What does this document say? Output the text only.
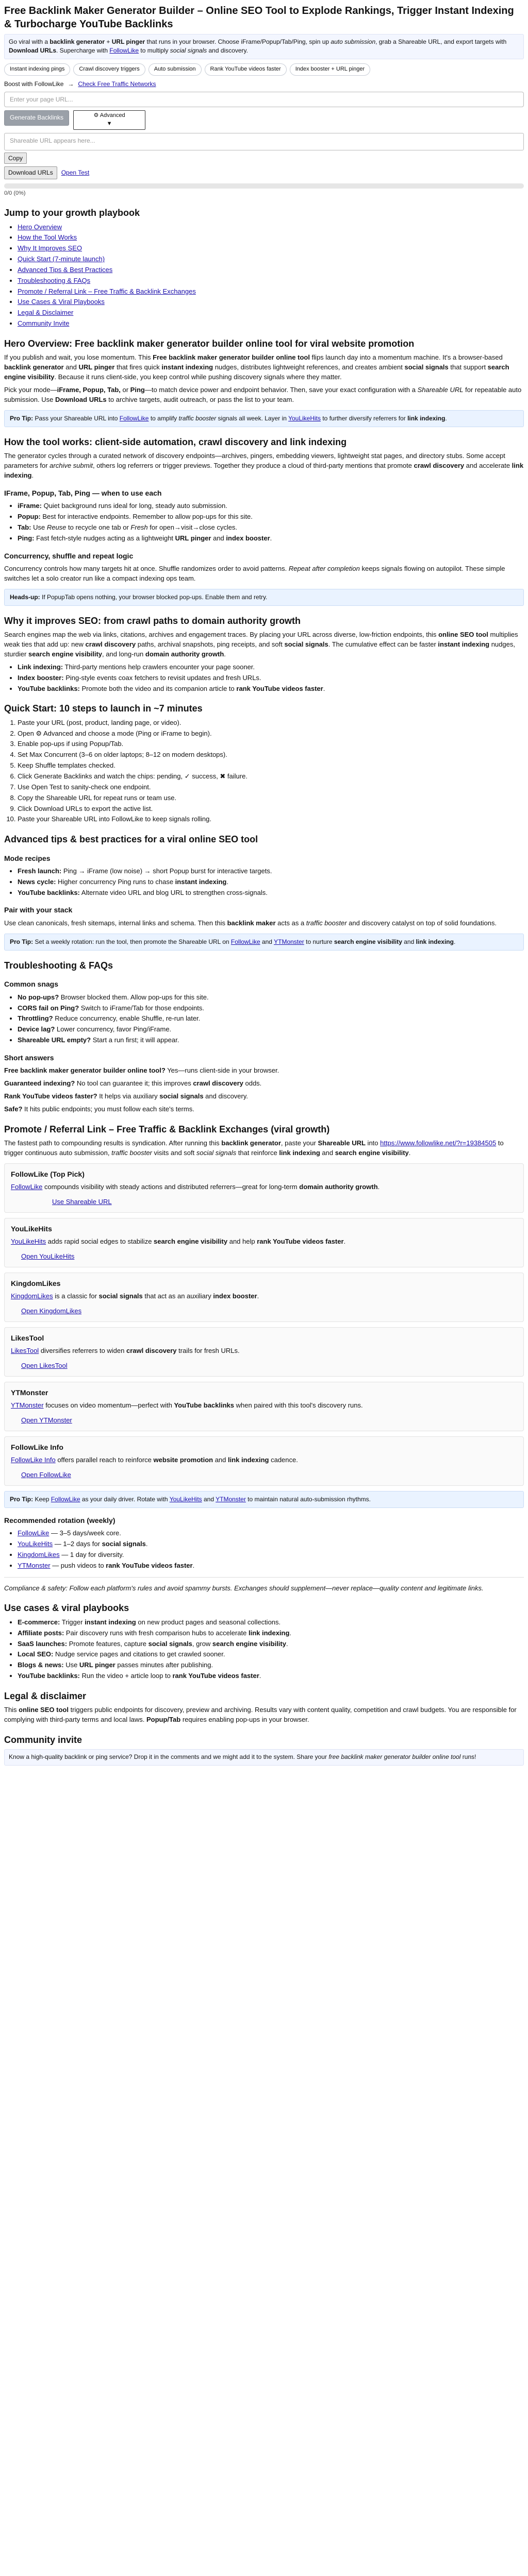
Free Backlink Maker Generator Builder – Online SEO Tool to Explode Rankings, Trigger Instant Indexing & Turbocharge YouTube Backlinks
Go viral with a backlink generator + URL pinger that runs in your browser. Choose iFrame/Popup/Tab/Ping, spin up auto submission, grab a Shareable URL, and export targets with Download URLs. Supercharge with FollowLike to multiply social signals and discovery.
Instant indexing pings	Crawl discovery triggers	Auto submission	Rank YouTube videos faster	Index booster + URL pinger
Boost with FollowLike → Check Free Traffic Networks
Enter your page URL...
Generate Backlinks	⚙ Advanced
▼
Shareable URL appears here...
Copy
Download URLs	Open Test
0/0 (0%)
Jump to your growth playbook
• Hero Overview
• How the Tool Works
• Why It Improves SEO
• Quick Start (7-minute launch)
• Advanced Tips & Best Practices
• Troubleshooting & FAQs
• Promote / Referral Link – Free Traffic & Backlink Exchanges
• Use Cases & Viral Playbooks
• Legal & Disclaimer
• Community Invite
Hero Overview: Free backlink maker generator builder online tool for viral website promotion

If you publish and wait, you lose momentum. This Free backlink maker generator builder online tool flips launch day into a momentum machine. It's a browser-based backlink generator and URL pinger that fires quick instant indexing nudges, distributes lightweight references, and creates ambient social signals that support search engine visibility. Because it runs client-side, you keep control while pushing discovery signals where they matter.

Pick your mode—iFrame, Popup, Tab, or Ping—to match device power and endpoint behavior. Then, save your exact configuration with a Shareable URL for repeatable auto submission. Use Download URLs to archive targets, audit outreach, or pass the list to your team.

Pro Tip: Pass your Shareable URL into FollowLike to amplify traffic booster signals all week. Layer in YouLikeHits to further diversify referrers for link indexing.
How the tool works: client-side automation, crawl discovery and link indexing

The generator cycles through a curated network of discovery endpoints—archives, pingers, embedding viewers, lightweight stat pages, and directory stubs. Some accept parameters for archive submit, others log referrers or trigger previews. Together they produce a cloud of third-party mentions that promote crawl discovery and accelerate link indexing.

IFrame, Popup, Tab, Ping — when to use each
• iFrame: Quiet background runs ideal for long, steady auto submission.
• Popup: Best for interactive endpoints. Remember to allow pop-ups for this site.
• Tab: Use Reuse to recycle one tab or Fresh for open→visit→close cycles.
• Ping: Fast fetch-style nudges acting as a lightweight URL pinger and index booster.
Concurrency, shuffle and repeat logic

Concurrency controls how many targets hit at once. Shuffle randomizes order to avoid patterns. Repeat after completion keeps signals flowing on autopilot. These simple switches let a solo creator run like a compact indexing ops team.

Heads-up: If PopupTab opens nothing, your browser blocked pop-ups. Enable them and retry.
Why it improves SEO: from crawl paths to domain authority growth

Search engines map the web via links, citations, archives and engagement traces. By placing your URL across diverse, low-friction endpoints, this online SEO tool multiplies weak ties that add up: new crawl discovery paths, archival snapshots, ping receipts, and soft social signals. The cumulative effect can be faster instant indexing nudges, sturdier search engine visibility, and long-run domain authority growth.

• Link indexing: Third-party mentions help crawlers encounter your page sooner.
• Index booster: Ping-style events coax fetchers to revisit updates and fresh URLs.
• YouTube backlinks: Promote both the video and its companion article to rank YouTube videos faster.
Quick Start: 10 steps to launch in ~7 minutes
1. Paste your URL (post, product, landing page, or video).
2. Open ⚙ Advanced and choose a mode (Ping or iFrame to begin).
3. Enable pop-ups if using Popup/Tab.
4. Set Max Concurrent (3–6 on older laptops; 8–12 on modern desktops).
5. Keep Shuffle templates checked.
6. Click Generate Backlinks and watch the chips: pending, ✓ success, ✖ failure.
7. Use Open Test to sanity-check one endpoint.
8. Copy the Shareable URL for repeat runs or team use.
9. Click Download URLs to export the active list.
10. Paste your Shareable URL into FollowLike to keep signals rolling.
Advanced tips & best practices for a viral online SEO tool
Mode recipes
• Fresh launch: Ping → iFrame (low noise) → short Popup burst for interactive targets.
• News cycle: Higher concurrency Ping runs to chase instant indexing.
• YouTube backlinks: Alternate video URL and blog URL to strengthen cross-signals.
Pair with your stack

Use clean canonicals, fresh sitemaps, internal links and schema. Then this backlink maker acts as a traffic booster and discovery catalyst on top of solid foundations.

Pro Tip: Set a weekly rotation: run the tool, then promote the Shareable URL on FollowLike and YTMonster to nurture search engine visibility and link indexing.
Troubleshooting & FAQs
Common snags
• No pop-ups? Browser blocked them. Allow pop-ups for this site.
• CORS fail on Ping? Switch to iFrame/Tab for those endpoints.
• Throttling? Reduce concurrency, enable Shuffle, re-run later.
• Device lag? Lower concurrency, favor Ping/iFrame.
• Shareable URL empty? Start a run first; it will appear.
Short answers

Free backlink maker generator builder online tool? Yes—runs client-side in your browser.

Guaranteed indexing? No tool can guarantee it; this improves crawl discovery odds.

Rank YouTube videos faster? It helps via auxiliary social signals and discovery.

Safe? It hits public endpoints; you must follow each site's terms.

Promote / Referral Link – Free Traffic & Backlink Exchanges (viral growth)

The fastest path to compounding results is syndication. After running this backlink generator, paste your Shareable URL into https://www.followlike.net/?r=19384505 to trigger continuous auto submission, traffic booster visits and soft social signals that reinforce link indexing and search engine visibility.

FollowLike (Top Pick)

FollowLike compounds visibility with steady actions and distributed referrers—great for long-term domain authority growth.

Use Shareable URL
YouLikeHits

YouLikeHits adds rapid social edges to stabilize search engine visibility and help rank YouTube videos faster.

Open YouLikeHits
KingdomLikes

KingdomLikes is a classic for social signals that act as an auxiliary index booster.

Open KingdomLikes
LikesTool

LikesTool diversifies referrers to widen crawl discovery trails for fresh URLs.

Open LikesTool
YTMonster

YTMonster focuses on video momentum—perfect with YouTube backlinks when paired with this tool's discovery runs.

Open YTMonster
FollowLike Info

FollowLike Info offers parallel reach to reinforce website promotion and link indexing cadence.

Open FollowLike
Pro Tip: Keep FollowLike as your daily driver. Rotate with YouLikeHits and YTMonster to maintain natural auto-submission rhythms.
Recommended rotation (weekly)
• FollowLike — 3–5 days/week core.
• YouLikeHits — 1–2 days for social signals.
• KingdomLikes — 1 day for diversity.
• YTMonster — push videos to rank YouTube videos faster.

Compliance & safety: Follow each platform's rules and avoid spammy bursts. Exchanges should supplement—never replace—quality content and legitimate links.

Use cases & viral playbooks
• E-commerce: Trigger instant indexing on new product pages and seasonal collections.
• Affiliate posts: Pair discovery runs with fresh comparison hubs to accelerate link indexing.
• SaaS launches: Promote features, capture social signals, grow search engine visibility.
• Local SEO: Nudge service pages and citations to get crawled sooner.
• Blogs & news: Use URL pinger passes minutes after publishing.
• YouTube backlinks: Run the video + article loop to rank YouTube videos faster.
Legal & disclaimer

This online SEO tool triggers public endpoints for discovery, preview and archiving. Results vary with content quality, competition and crawl budgets. You are responsible for complying with third-party terms and local laws. Popup/Tab requires enabling pop-ups in your browser.

Community invite

Know a high-quality backlink or ping service? Drop it in the comments and we might add it to the system. Share your free backlink maker generator builder online tool runs!
